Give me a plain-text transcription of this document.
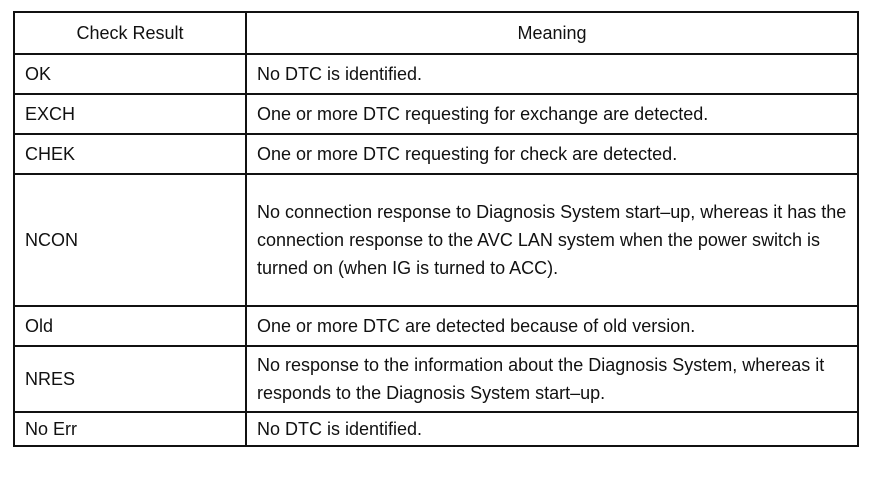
Check Result	Meaning
OK	No DTC is identified.
EXCH	One or more DTC requesting for exchange are detected.
CHEK	One or more DTC requesting for check are detected.
NCON	No connection response to Diagnosis System start–up, whereas it has the connection response to the AVC LAN system when the power switch is turned on (when IG is turned to ACC).
Old	One or more DTC are detected because of old version.
NRES	No response to the information about the Diagnosis System, whereas it responds to the Diagnosis System start–up.
No Err	No DTC is identified.
